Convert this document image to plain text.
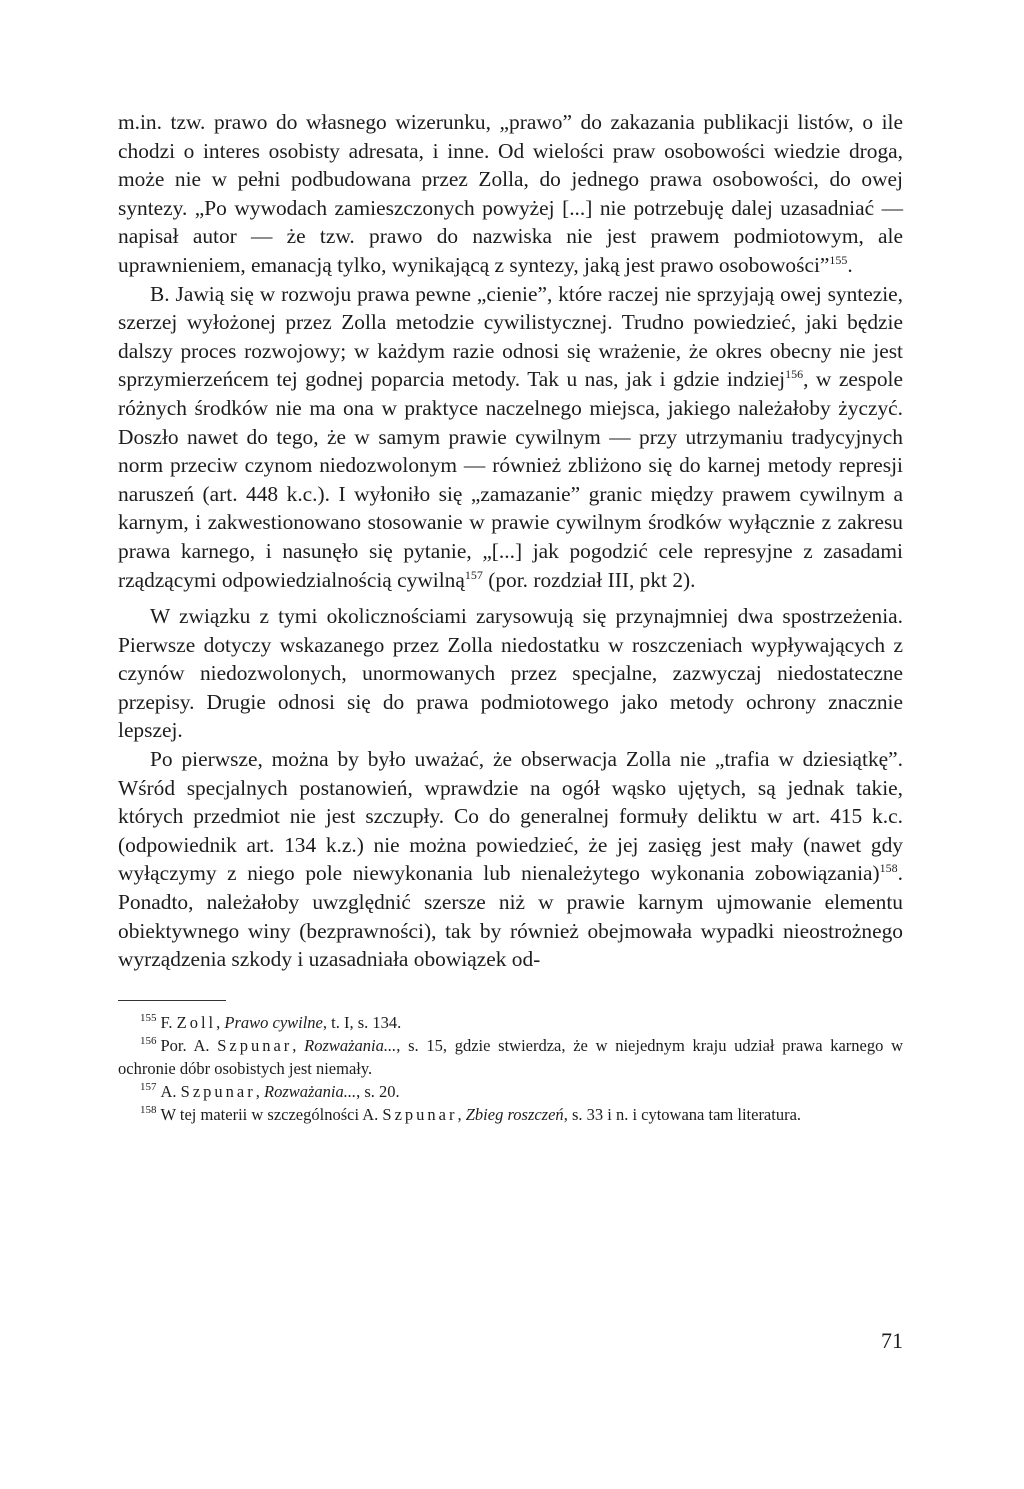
m.in. tzw. prawo do własnego wizerunku, „prawo” do zakazania publikacji listów, o ile chodzi o interes osobisty adresata, i inne. Od wielości praw osobowości wiedzie droga, może nie w pełni podbudowana przez Zolla, do jednego prawa osobowości, do owej syntezy. „Po wywodach zamieszczonych powyżej [...] nie potrzebuję dalej uzasadniać — napisał autor — że tzw. prawo do nazwiska nie jest prawem podmiotowym, ale uprawnieniem, emanacją tylko, wynikającą z syntezy, jaką jest prawo osobowości”$^{155}$.

B. Jawią się w rozwoju prawa pewne „cienie”, które raczej nie sprzyjają owej syntezie, szerzej wyłożonej przez Zolla metodzie cywilistycznej. Trudno powiedzieć, jaki będzie dalszy proces rozwojowy; w każdym razie odnosi się wrażenie, że okres obecny nie jest sprzymierzeńcem tej godnej poparcia metody. Tak u nas, jak i gdzie indziej$^{156}$, w zespole różnych środków nie ma ona w praktyce naczelnego miejsca, jakiego należałoby życzyć. Doszło nawet do tego, że w samym prawie cywilnym — przy utrzymaniu tradycyjnych norm przeciw czynom niedozwolonym — również zbliżono się do karnej metody represji naruszeń (art. 448 k.c.). I wyłoniło się „zamazanie” granic między prawem cywilnym a karnym, i zakwestionowano stosowanie w prawie cywilnym środków wyłącznie z zakresu prawa karnego, i nasunęło się pytanie, „[...] jak pogodzić cele represyjne z zasadami rządzącymi odpowiedzialnością cywilną$^{157}$ (por. rozdział III, pkt 2).

W związku z tymi okolicznościami zarysowują się przynajmniej dwa spostrzeżenia. Pierwsze dotyczy wskazanego przez Zolla niedostatku w roszczeniach wypływających z czynów niedozwolonych, unormowanych przez specjalne, zazwyczaj niedostateczne przepisy. Drugie odnosi się do prawa podmiotowego jako metody ochrony znacznie lepszej.

Po pierwsze, można by było uważać, że obserwacja Zolla nie „trafia w dziesiątkę”. Wśród specjalnych postanowień, wprawdzie na ogół wąsko ujętych, są jednak takie, których przedmiot nie jest szczupły. Co do generalnej formuły deliktu w art. 415 k.c. (odpowiednik art. 134 k.z.) nie można powiedzieć, że jej zasięg jest mały (nawet gdy wyłączymy z niego pole niewykonania lub nienależytego wykonania zobowiązania)$^{158}$. Ponadto, należałoby uwzględnić szersze niż w prawie karnym ujmowanie elementu obiektywnego winy (bezprawności), tak by również obejmowała wypadki nieostrożnego wyrządzenia szkody i uzasadniała obowiązek od-

$^{155}$ F. Zoll, Prawo cywilne, t. I, s. 134.

$^{156}$ Por. A. Szpunar, Rozważania..., s. 15, gdzie stwierdza, że w niejednym kraju udział prawa karnego w ochronie dóbr osobistych jest niemały.

$^{157}$ A. Szpunar, Rozważania..., s. 20.

$^{158}$ W tej materii w szczególności A. Szpunar, Zbieg roszczeń, s. 33 i n. i cytowana tam literatura.

71
